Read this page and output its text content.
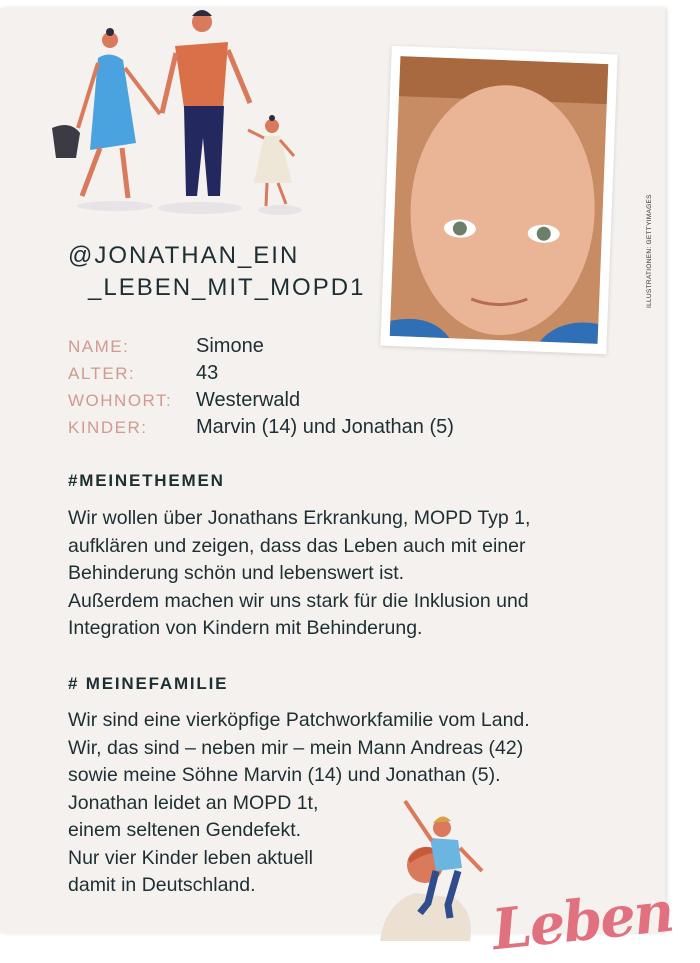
ILLUSTRATIONEN: GETTYIMAGES
@JONATHAN_EIN
_LEBEN_MIT_MOPD1
NAME:	Simone
ALTER:	43
WOHNORT:	Westerwald
KINDER:	Marvin (14) und Jonathan (5)
#MEINETHEMEN
Wir wollen über Jonathans Erkrankung, MOPD Typ 1,
aufklären und zeigen, dass das Leben auch mit einer
Behinderung schön und lebenswert ist.
Außerdem machen wir uns stark für die Inklusion und
Integration von Kindern mit Behinderung.
# MEINEFAMILIE
Wir sind eine vierköpfige Patchworkfamilie vom Land.
Wir, das sind – neben mir – mein Mann Andreas (42)
sowie meine Söhne Marvin (14) und Jonathan (5).
Jonathan leidet an MOPD 1t,
einem seltenen Gendefekt.
Nur vier Kinder leben aktuell
damit in Deutschland.	Leben
